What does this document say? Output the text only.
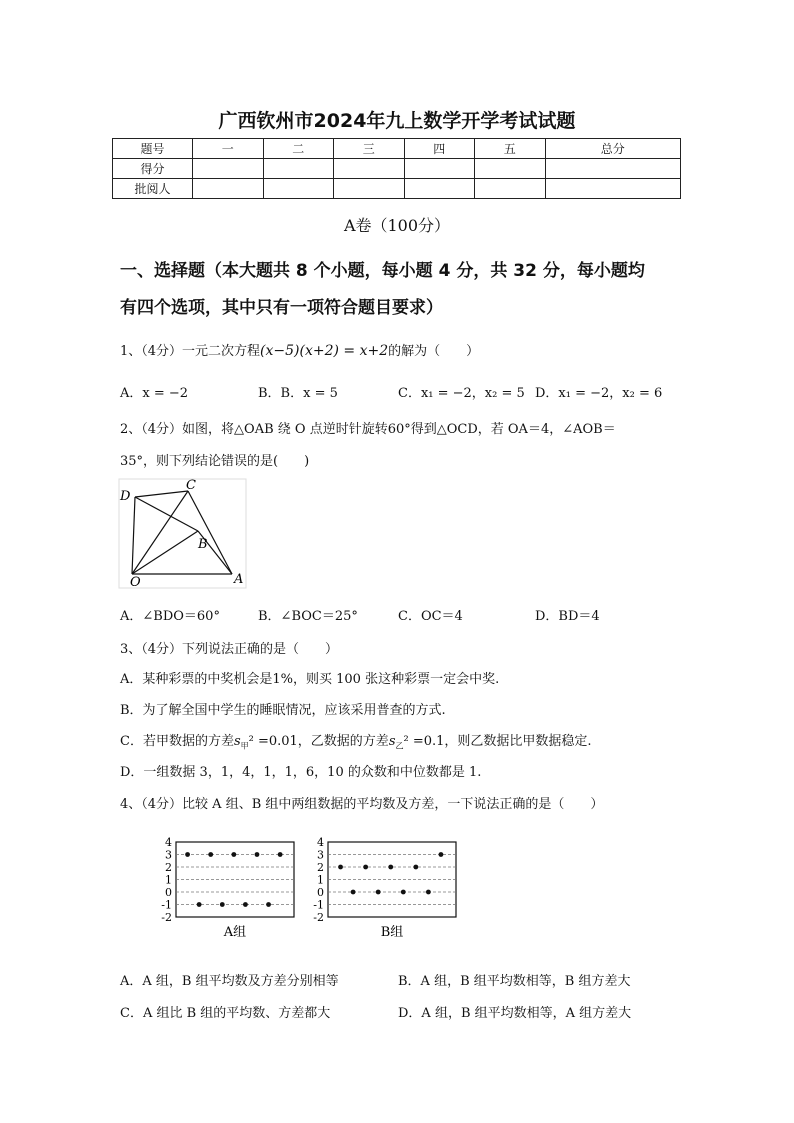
广西钦州市2024年九上数学开学考试试题
题号	一	二	三	四	五	总分
得分						
批阅人						
A卷（100分）
一、选择题（本大题共 8 个小题，每小题 4 分，共 32 分，每小题均
有四个选项，其中只有一项符合题目要求）
1、（4分）一元二次方程(x−5)(x+2) = x+2的解为（　　）
A．x = −2	B．B．x = 5	C．x₁ = −2，x₂ = 5 D．x₁ = −2，x₂ = 6
2、（4分）如图，将△OAB 绕 O 点逆时针旋转60°得到△OCD，若 OA＝4，∠AOB＝
35°，则下列结论错误的是(　　)
D
C
B
O	A
A．∠BDO＝60°	B．∠BOC＝25°	C．OC＝4	D．BD＝4
3、（4分）下列说法正确的是（　　）
A．某种彩票的中奖机会是1%，则买 100 张这种彩票一定会中奖.
B．为了解全国中学生的睡眠情况，应该采用普查的方式.
C．若甲数据的方差$s_甲^2 =0.01$，乙数据的方差$s_乙^2 =0.1$，则乙数据比甲数据稳定.
D．一组数据 3，1，4，1，1，6，10 的众数和中位数都是 1.
4、（4分）比较 A 组、B 组中两组数据的平均数及方差，一下说法正确的是（　　）
4
3
2
1
0
-1
-2
A组
4
3
2
1
0
-1
-2
B组
A．A 组，B 组平均数及方差分别相等	B．A 组，B 组平均数相等，B 组方差大
C．A 组比 B 组的平均数、方差都大	D．A 组，B 组平均数相等，A 组方差大
